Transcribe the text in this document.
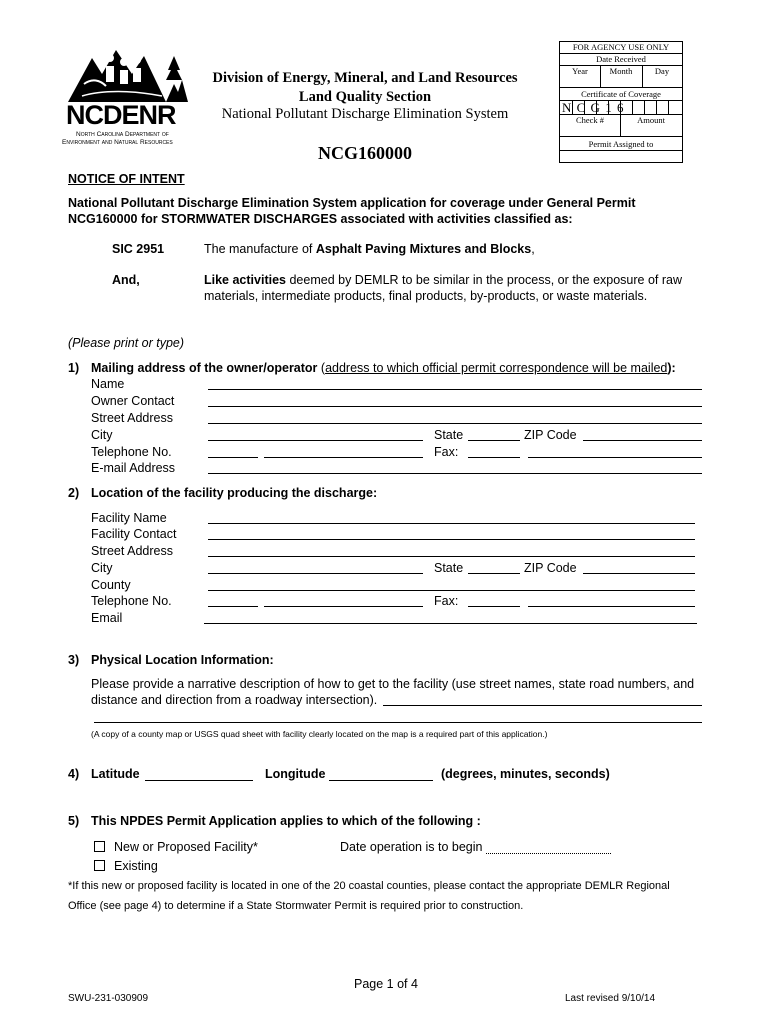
NCDENR
North Carolina Department of
Environment and Natural Resources
Division of Energy, Mineral, and Land Resources
Land Quality Section
National Pollutant Discharge Elimination System
NCG160000
FOR AGENCY USE ONLY
Date Received
Year	Month	Day
Certificate of Coverage
N C G 1 6
Check #	Amount
Permit Assigned to
NOTICE OF INTENT
National Pollutant Discharge Elimination System application for coverage under General Permit
NCG160000 for STORMWATER DISCHARGES associated with activities classified as:
SIC 2951	The manufacture of Asphalt Paving Mixtures and Blocks,
And,	Like activities deemed by DEMLR to be similar in the process, or the exposure of raw
materials, intermediate products, final products, by-products, or waste materials.
(Please print or type)
1) Mailing address of the owner/operator (address to which official permit correspondence will be mailed):
Name
Owner Contact
Street Address
City	State	ZIP Code
Telephone No.	Fax:
E-mail Address
2) Location of the facility producing the discharge:
Facility Name
Facility Contact
Street Address
City	State	ZIP Code
County
Telephone No.	Fax:
Email
3) Physical Location Information:
Please provide a narrative description of how to get to the facility (use street names, state road numbers, and
distance and direction from a roadway intersection).
(A copy of a county map or USGS quad sheet with facility clearly located on the map is a required part of this application.)
4) Latitude	Longitude	(degrees, minutes, seconds)
5) This NPDES Permit Application applies to which of the following :
New or Proposed Facility*	Date operation is to begin
Existing
*If this new or proposed facility is located in one of the 20 coastal counties, please contact the appropriate DEMLR Regional
Office (see page 4) to determine if a State Stormwater Permit is required prior to construction.
Page 1 of 4
SWU-231-030909	Last revised 9/10/14
